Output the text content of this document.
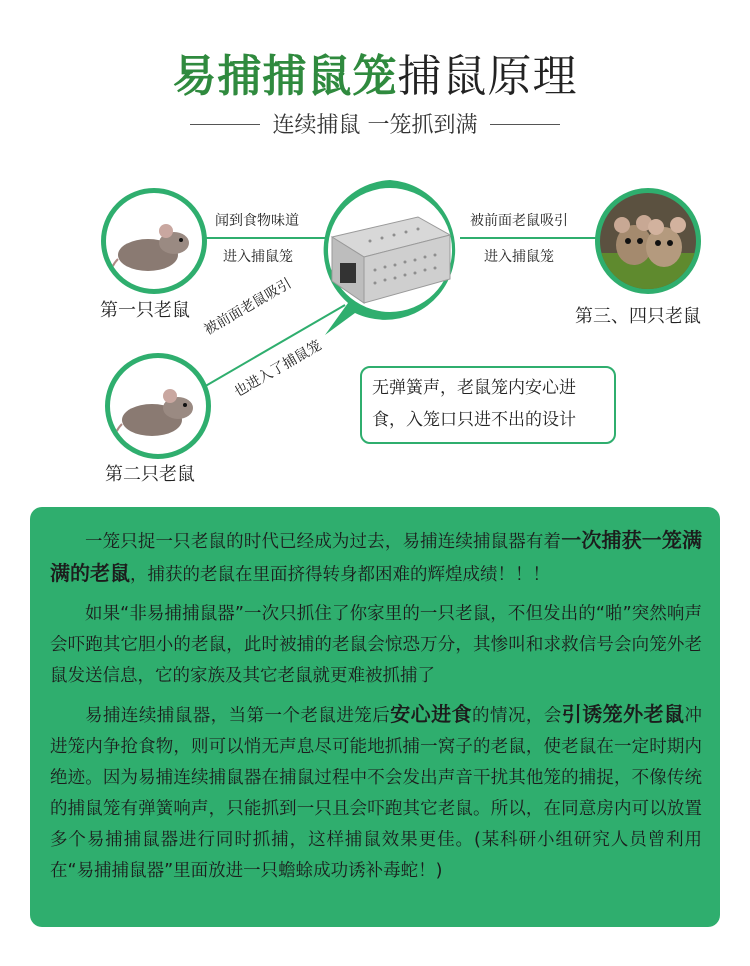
易捕捕鼠笼捕鼠原理
连续捕鼠 一笼抓到满
第一只老鼠
闻到食物味道
进入捕鼠笼
被前面老鼠吸引
进入捕鼠笼
第三、四只老鼠
被前面老鼠吸引
也进入了捕鼠笼
第二只老鼠
无弹簧声，老鼠笼内安心进
食，入笼口只进不出的设计
一笼只捉一只老鼠的时代已经成为过去，易捕连续捕鼠器有着一次捕获一笼满满的老鼠，捕获的老鼠在里面挤得转身都困难的辉煌成绩！！！
如果“非易捕捕鼠器”一次只抓住了你家里的一只老鼠，不但发出的“啪”突然响声会吓跑其它胆小的老鼠，此时被捕的老鼠会惊恐万分，其惨叫和求救信号会向笼外老鼠发送信息，它的家族及其它老鼠就更难被抓捕了
易捕连续捕鼠器，当第一个老鼠进笼后安心进食的情况，会引诱笼外老鼠冲进笼内争抢食物，则可以悄无声息尽可能地抓捕一窝子的老鼠，使老鼠在一定时期内绝迹。因为易捕连续捕鼠器在捕鼠过程中不会发出声音干扰其他笼的捕捉，不像传统的捕鼠笼有弹簧响声，只能抓到一只且会吓跑其它老鼠。所以，在同意房内可以放置多个易捕捕鼠器进行同时抓捕，这样捕鼠效果更佳。(某科研小组研究人员曾利用在“易捕捕鼠器”里面放进一只蟾蜍成功诱补毒蛇！)
